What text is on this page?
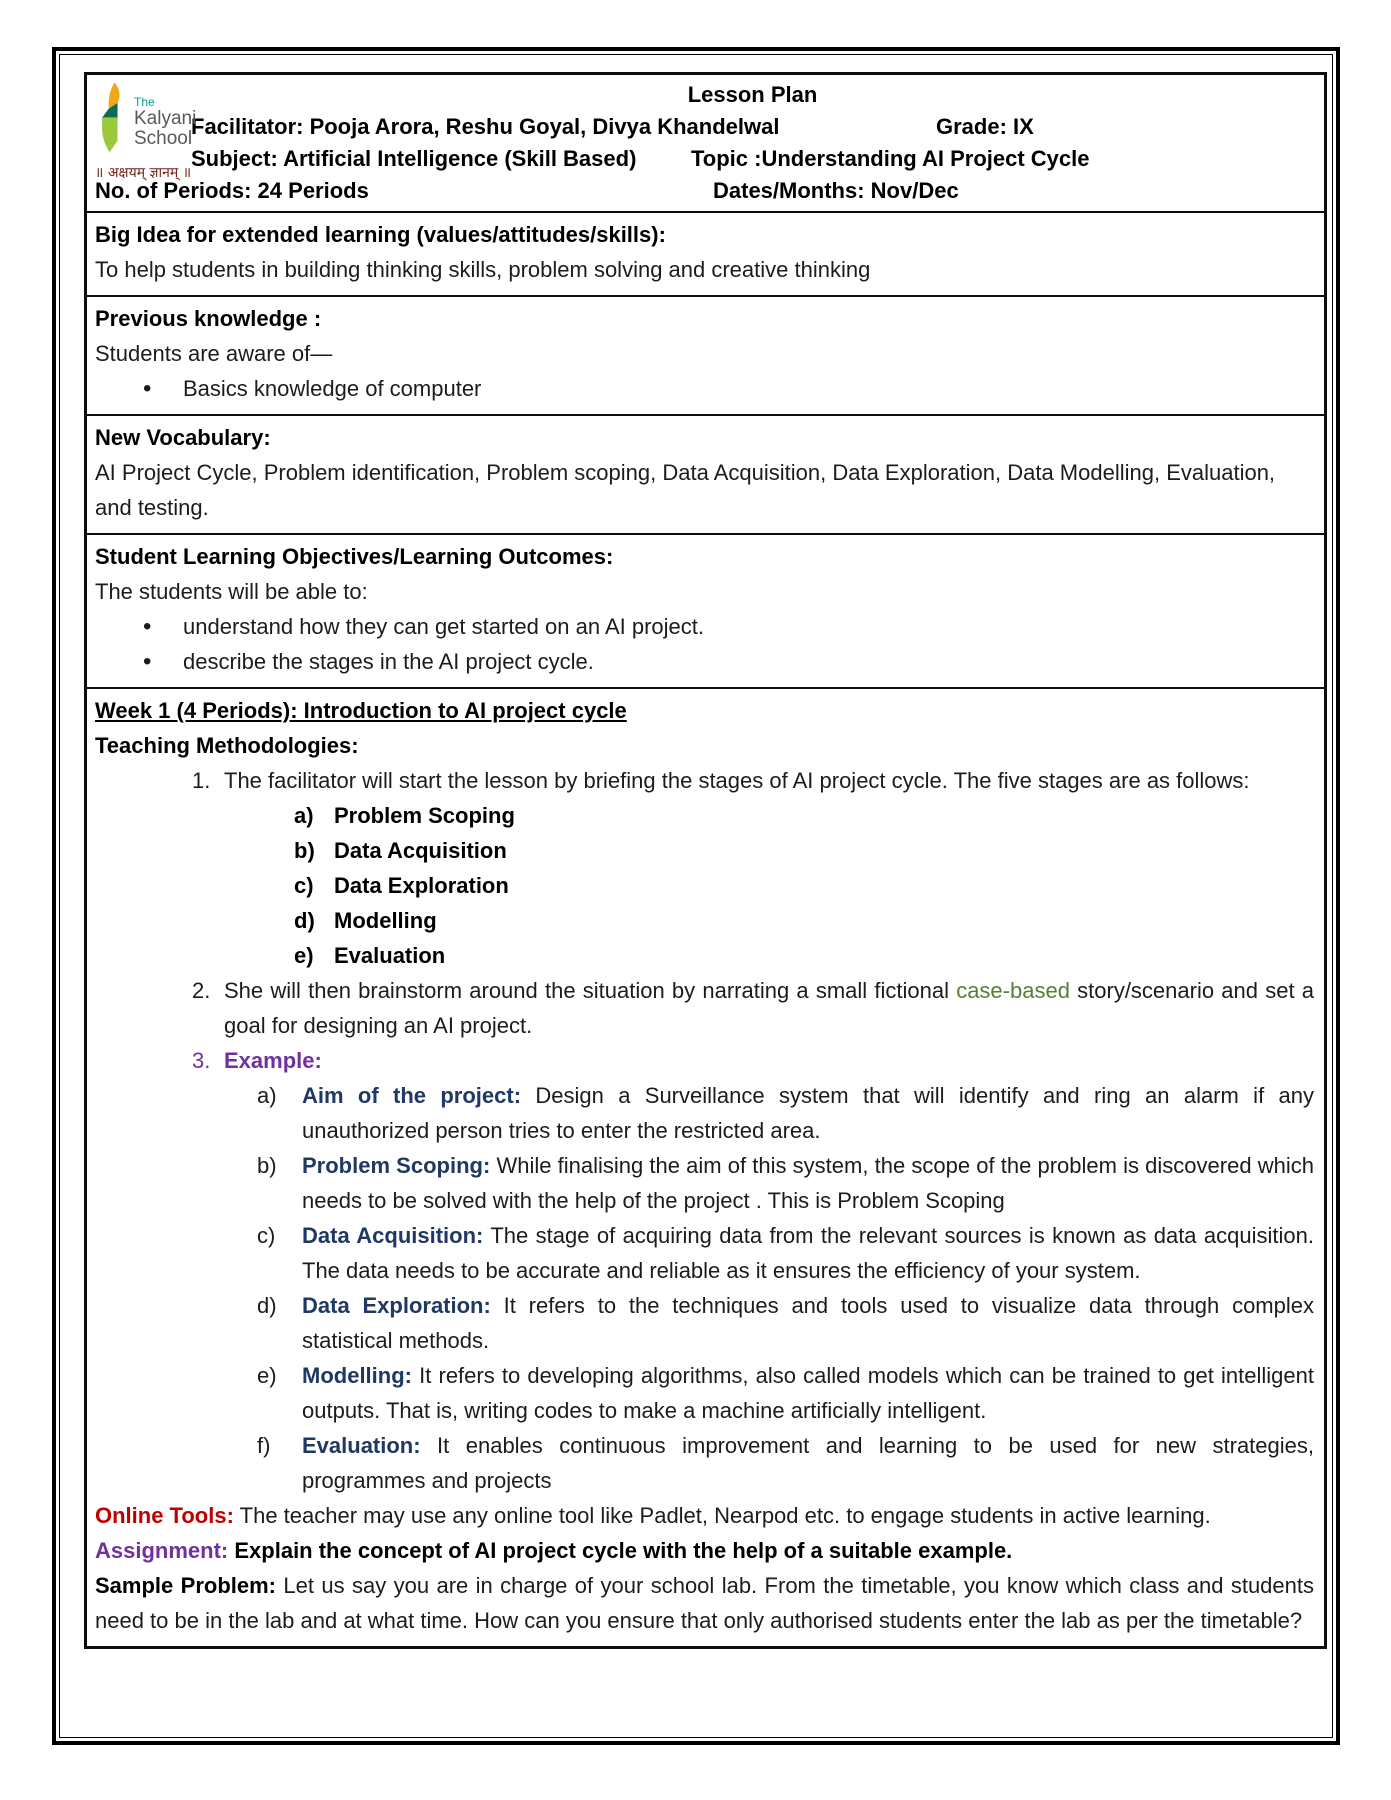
The
Kalyani
School
॥ अक्षयम् ज्ञानम् ॥
Lesson Plan
Facilitator: Pooja Arora, Reshu Goyal, Divya Khandelwal	Grade: IX
Subject: Artificial Intelligence (Skill Based)	Topic :Understanding AI Project Cycle
No. of Periods: 24 Periods	Dates/Months: Nov/Dec
Big Idea for extended learning (values/attitudes/skills):
To help students in building thinking skills, problem solving and creative thinking
Previous knowledge :
Students are aware of—
•
Basics knowledge of computer
New Vocabulary:
AI Project Cycle, Problem identification, Problem scoping, Data Acquisition, Data Exploration, Data Modelling, Evaluation, and testing.
Student Learning Objectives/Learning Outcomes:
The students will be able to:
•
understand how they can get started on an AI project.
•
describe the stages in the AI project cycle.
Week 1 (4 Periods): Introduction to AI project cycle
Teaching Methodologies:
1. The facilitator will start the lesson by briefing the stages of AI project cycle. The five stages are as follows:
a) Problem Scoping
b) Data Acquisition
c) Data Exploration
d) Modelling
e) Evaluation
2. She will then brainstorm around the situation by narrating a small fictional case-based story/scenario and set a goal for designing an AI project.
3. Example:
a)	Aim of the project: Design a Surveillance system that will identify and ring an alarm if any unauthorized person tries to enter the restricted area.
b)	Problem Scoping: While finalising the aim of this system, the scope of the problem is discovered which needs to be solved with the help of the project . This is Problem Scoping
c)	Data Acquisition: The stage of acquiring data from the relevant sources is known as data acquisition. The data needs to be accurate and reliable as it ensures the efficiency of your system.
d)	Data Exploration: It refers to the techniques and tools used to visualize data through complex statistical methods.
e)	Modelling: It refers to developing algorithms, also called models which can be trained to get intelligent outputs. That is, writing codes to make a machine artificially intelligent.
f)	Evaluation: It enables continuous improvement and learning to be used for new strategies, programmes and projects
Online Tools: The teacher may use any online tool like Padlet, Nearpod etc. to engage students in active learning.
Assignment: Explain the concept of AI project cycle with the help of a suitable example.
Sample Problem: Let us say you are in charge of your school lab. From the timetable, you know which class and students need to be in the lab and at what time. How can you ensure that only authorised students enter the lab as per the timetable?
